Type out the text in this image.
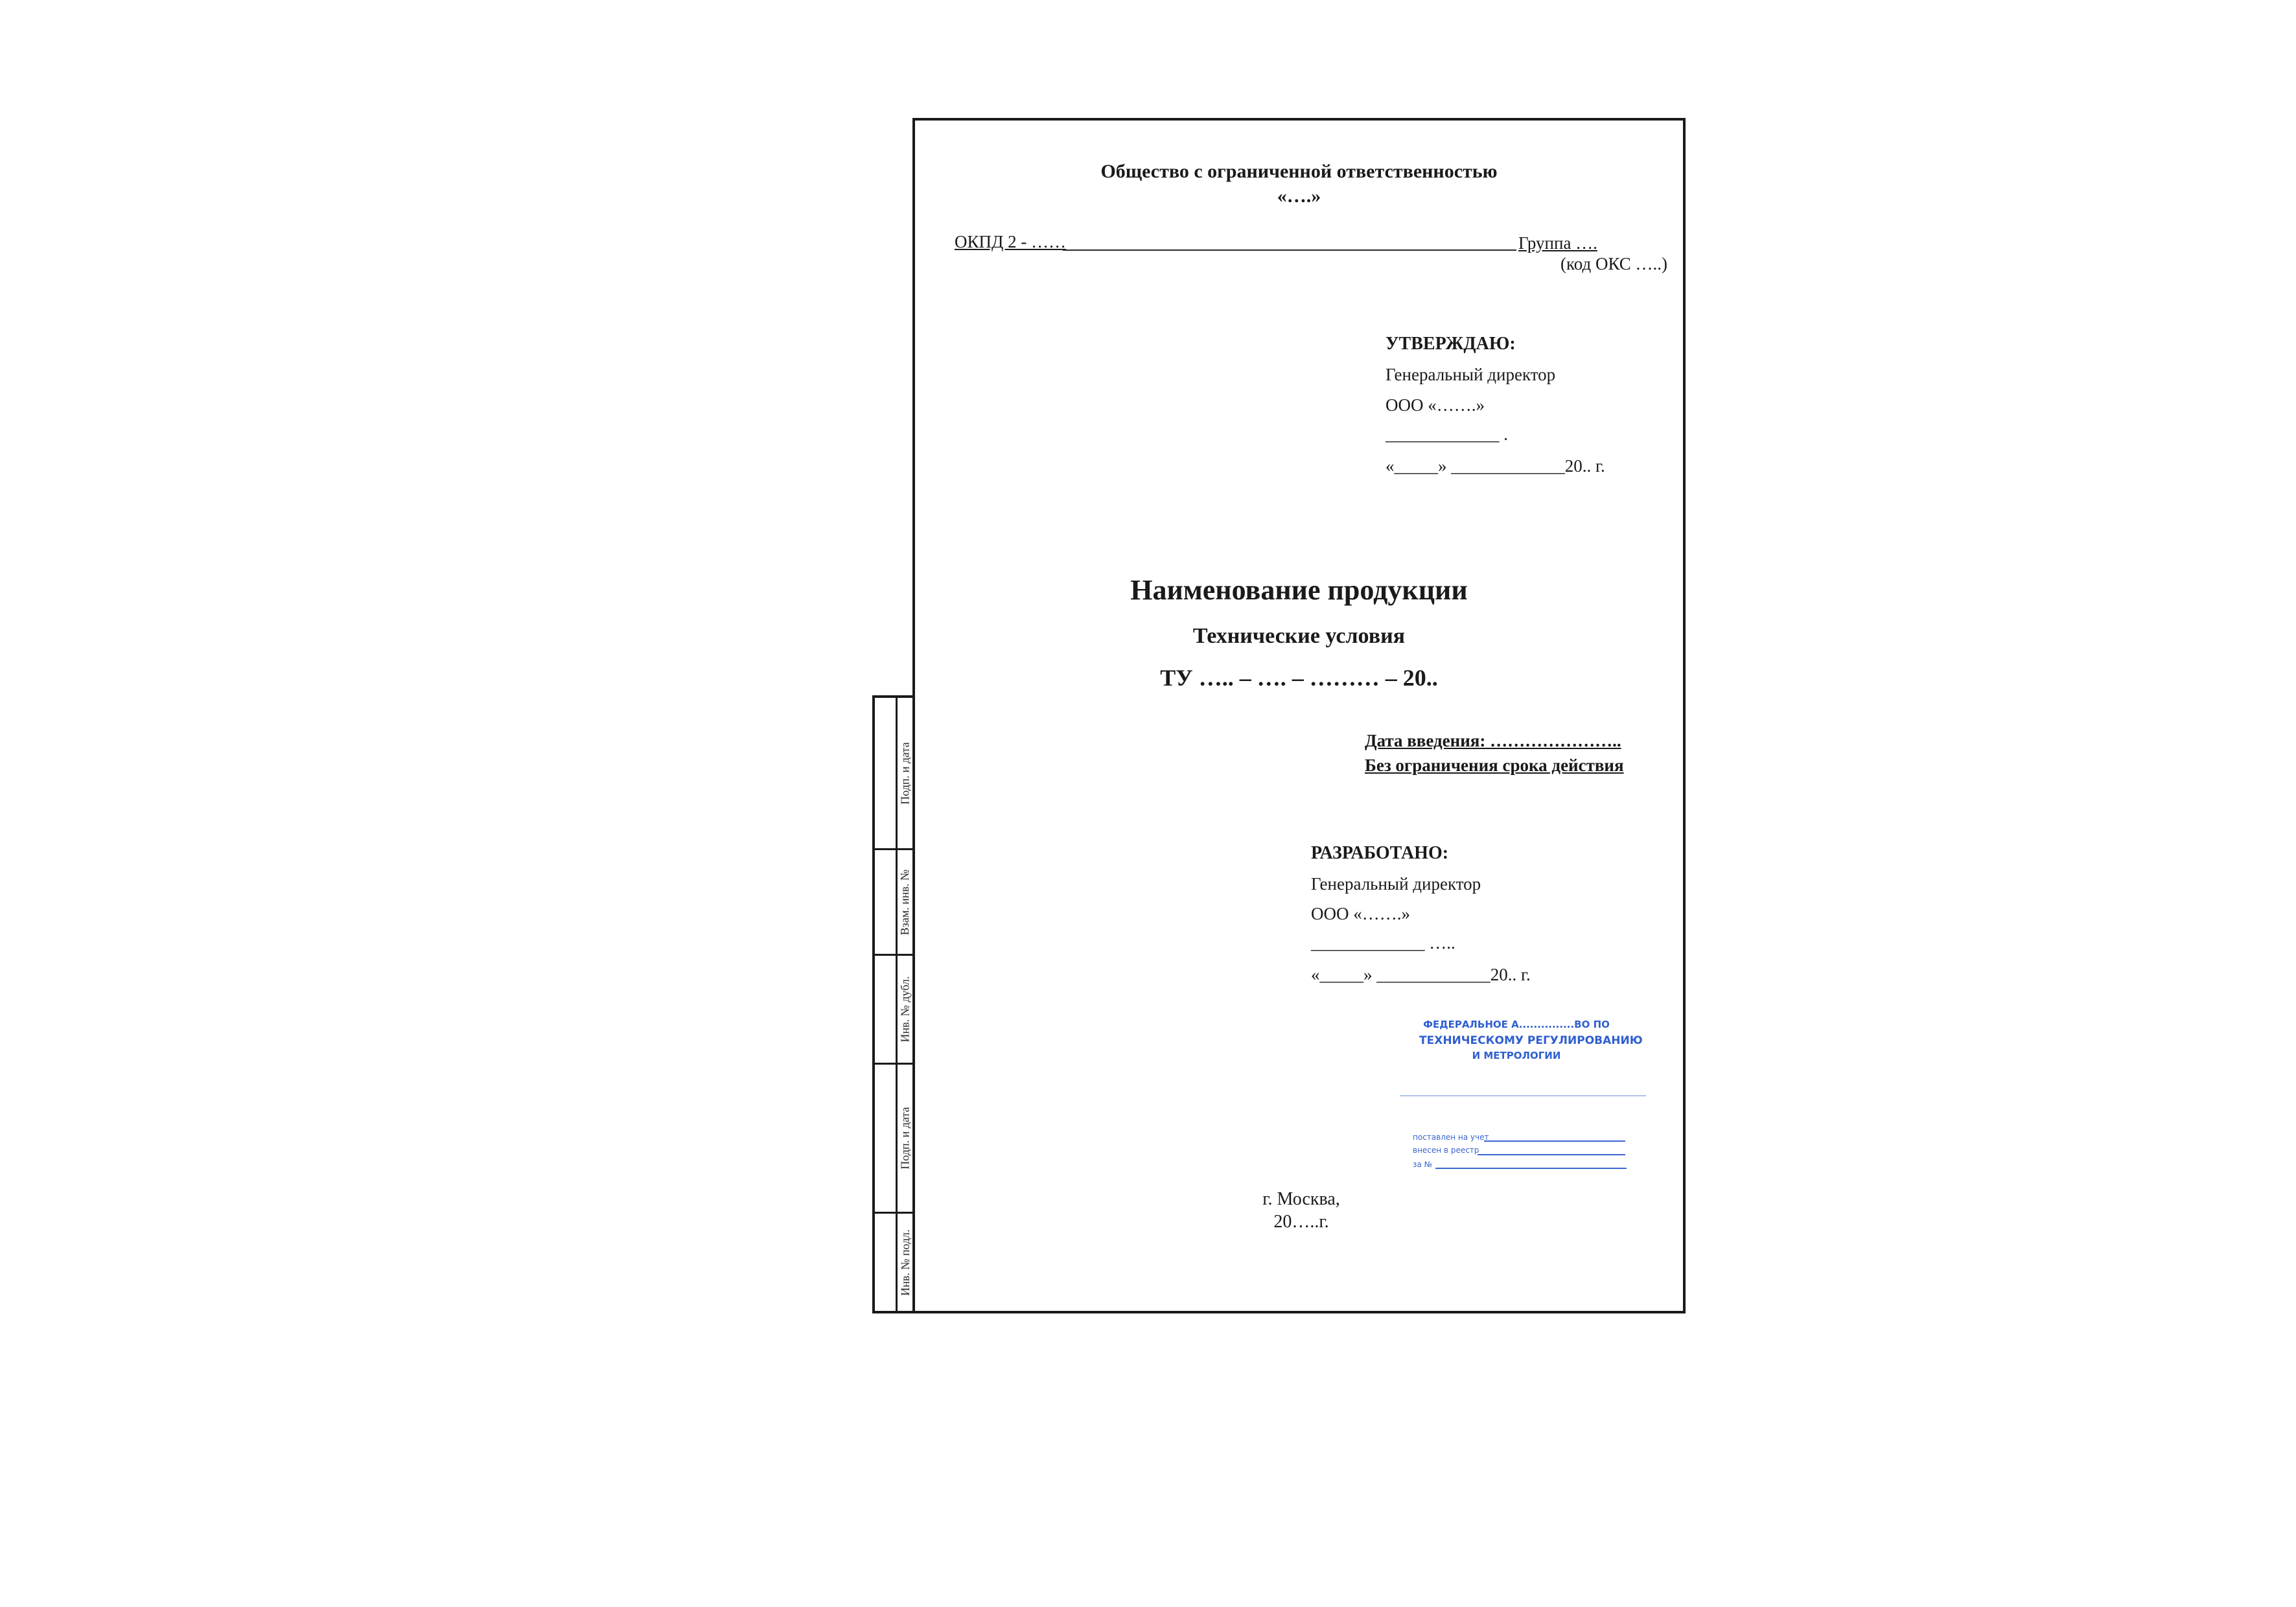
Подп. и дата
Взам. инв. №
Инв. № дубл.
Подп. и дата
Инв. № подл.
Общество с ограниченной ответственностью
«….»
ОКПД 2 - ……	Группа ….
(код ОКС …..)
УТВЕРЖДАЮ:
Генеральный директор
ООО «…….»
_____________ .
«_____» _____________20.. г.
Наименование продукции
Технические условия
ТУ ….. – …. – ……… – 20..
Дата введения: …………………..
Без ограничения срока действия
РАЗРАБОТАНО:
Генеральный директор
ООО «…….»
_____________ …..
«_____» _____________20.. г.
ФЕДЕРАЛЬНОЕ А...............ВО ПО
ТЕХНИЧЕСКОМУ РЕГУЛИРОВАНИЮ
И МЕТРОЛОГИИ
поставлен на учет
внесен в реестр
за №
г. Москва,
20…..г.
